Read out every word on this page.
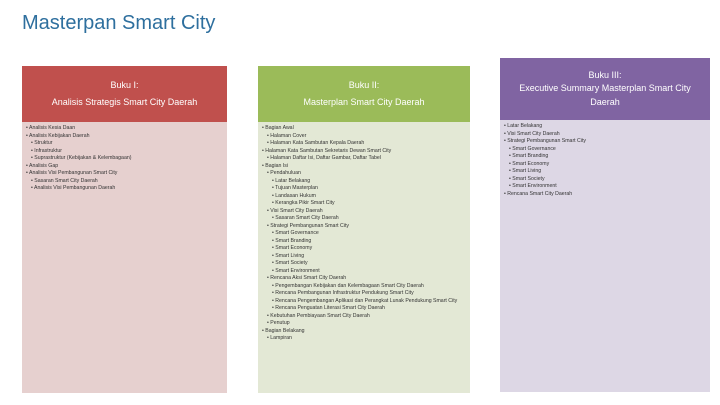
Masterpan Smart City
Buku I:
Analisis Strategis Smart City Daerah
• Analisis Kesia Daan
• Analisis Kebijakan Daerah
• Struktur
• Infrastruktur
• Suprastruktur (Kebijakan & Kelembagaan)
• Analisis Gap
• Analisis Visi Pembangunan Smart City
• Sasaran Smart City Daerah
• Analisis Visi Pembangunan Daerah
Buku II:
Masterplan Smart City Daerah
• Bagian Awal
• Halaman Cover
• Halaman Kata Sambutan Kepala Daerah
• Halaman Kata Sambutan Sekretaris Dewan Smart City
• Halaman Daftar Isi, Daftar Gambar, Daftar Tabel
• Bagian Isi
• Pendahuluan
• Latar Belakang
• Tujuan Masterplan
• Landasan Hukum
• Kerangka Pikir Smart City
• Visi Smart City Daerah
• Sasaran Smart City Daerah
• Strategi Pembangunan Smart City
• Smart Governance
• Smart Branding
• Smart Economy
• Smart Living
• Smart Society
• Smart Environment
• Rencana Aksi Smart City Daerah
• Pengembangan Kebijakan dan Kelembagaan Smart City Daerah
• Rencana Pembangunan Infrastruktur Pendukung Smart City
• Rencana Pengembangan Aplikasi dan Perangkat Lunak Pendukung Smart City
• Rencana Penguatan Literasi Smart City Daerah
• Kebutuhan Pembiayaan Smart City Daerah
• Penutup
• Bagian Belakang
• Lampiran
Buku III:
Executive Summary Masterplan Smart City Daerah
• Latar Belakang
• Visi Smart City Daerah
• Strategi Pembangunan Smart City
• Smart Governance
• Smart Branding
• Smart Economy
• Smart Living
• Smart Society
• Smart Environment
• Rencana Smart City Daerah
